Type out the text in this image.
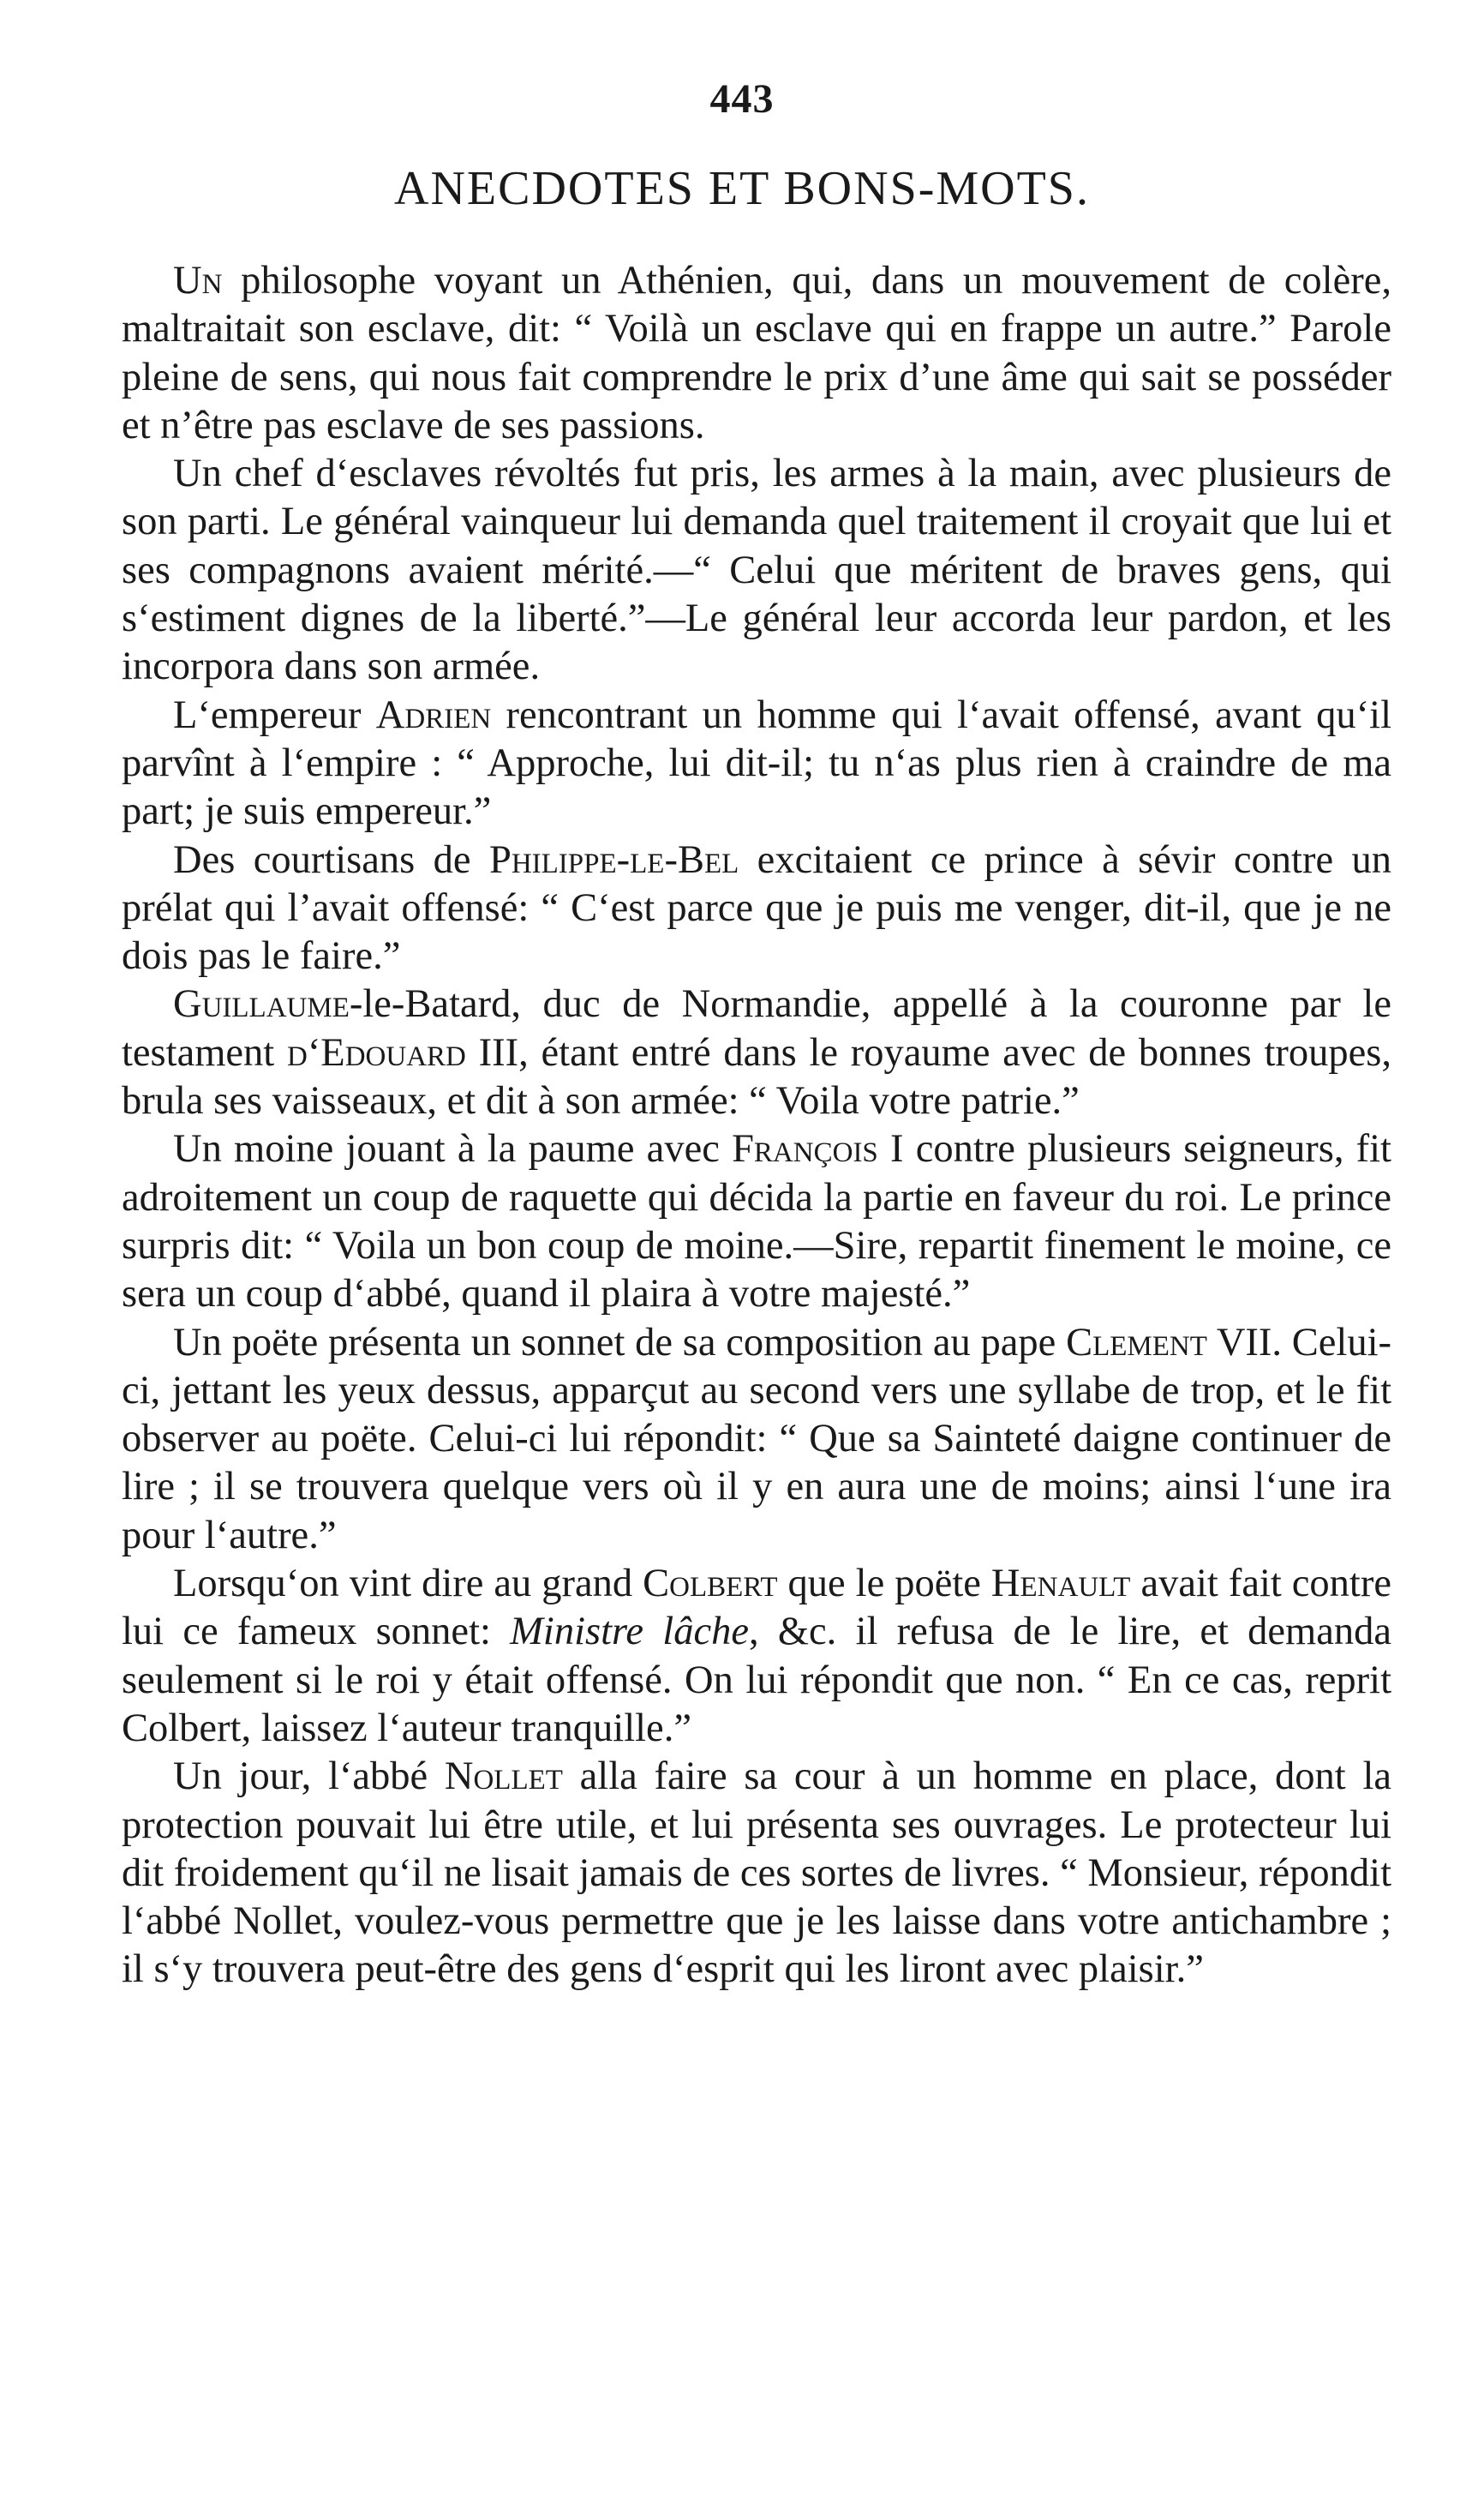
443
ANECDOTES ET BONS-MOTS.

Un philosophe voyant un Athénien, qui, dans un mouvement de colère, maltraitait son esclave, dit: “ Voilà un esclave qui en frappe un autre.” Parole pleine de sens, qui nous fait comprendre le prix d’une âme qui sait se posséder et n’être pas esclave de ses passions.

Un chef d‘esclaves révoltés fut pris, les armes à la main, avec plusieurs de son parti. Le général vainqueur lui demanda quel traitement il croyait que lui et ses compagnons avaient mérité.—“ Celui que méritent de braves gens, qui s‘estiment dignes de la liberté.”—Le général leur accorda leur pardon, et les incorpora dans son armée.

L‘empereur Adrien rencontrant un homme qui l‘avait offensé, avant qu‘il parvînt à l‘empire : “ Approche, lui dit-il; tu n‘as plus rien à craindre de ma part; je suis empereur.”

Des courtisans de Philippe-le-Bel excitaient ce prince à sévir contre un prélat qui l’avait offensé: “ C‘est parce que je puis me venger, dit-il, que je ne dois pas le faire.”

Guillaume-le-Batard, duc de Normandie, appellé à la couronne par le testament d‘Edouard III, étant entré dans le royaume avec de bonnes troupes, brula ses vaisseaux, et dit à son armée: “ Voila votre patrie.”

Un moine jouant à la paume avec François I contre plusieurs seigneurs, fit adroitement un coup de raquette qui décida la partie en faveur du roi. Le prince surpris dit: “ Voila un bon coup de moine.—Sire, repartit finement le moine, ce sera un coup d‘abbé, quand il plaira à votre majesté.”

Un poëte présenta un sonnet de sa composition au pape Clement VII. Celui-ci, jettant les yeux dessus, apparçut au second vers une syllabe de trop, et le fit observer au poëte. Celui-ci lui répondit: “ Que sa Sainteté daigne continuer de lire ; il se trouvera quelque vers où il y en aura une de moins; ainsi l‘une ira pour l‘autre.”

Lorsqu‘on vint dire au grand Colbert que le poëte Henault avait fait contre lui ce fameux sonnet: Ministre lâche, &c. il refusa de le lire, et demanda seulement si le roi y était offensé. On lui répondit que non. “ En ce cas, reprit Colbert, laissez l‘auteur tranquille.”

Un jour, l‘abbé Nollet alla faire sa cour à un homme en place, dont la protection pouvait lui être utile, et lui présenta ses ouvrages. Le protecteur lui dit froidement qu‘il ne lisait jamais de ces sortes de livres. “ Monsieur, répondit l‘abbé Nollet, voulez-vous permettre que je les laisse dans votre antichambre ; il s‘y trouvera peut-être des gens d‘esprit qui les liront avec plaisir.”
